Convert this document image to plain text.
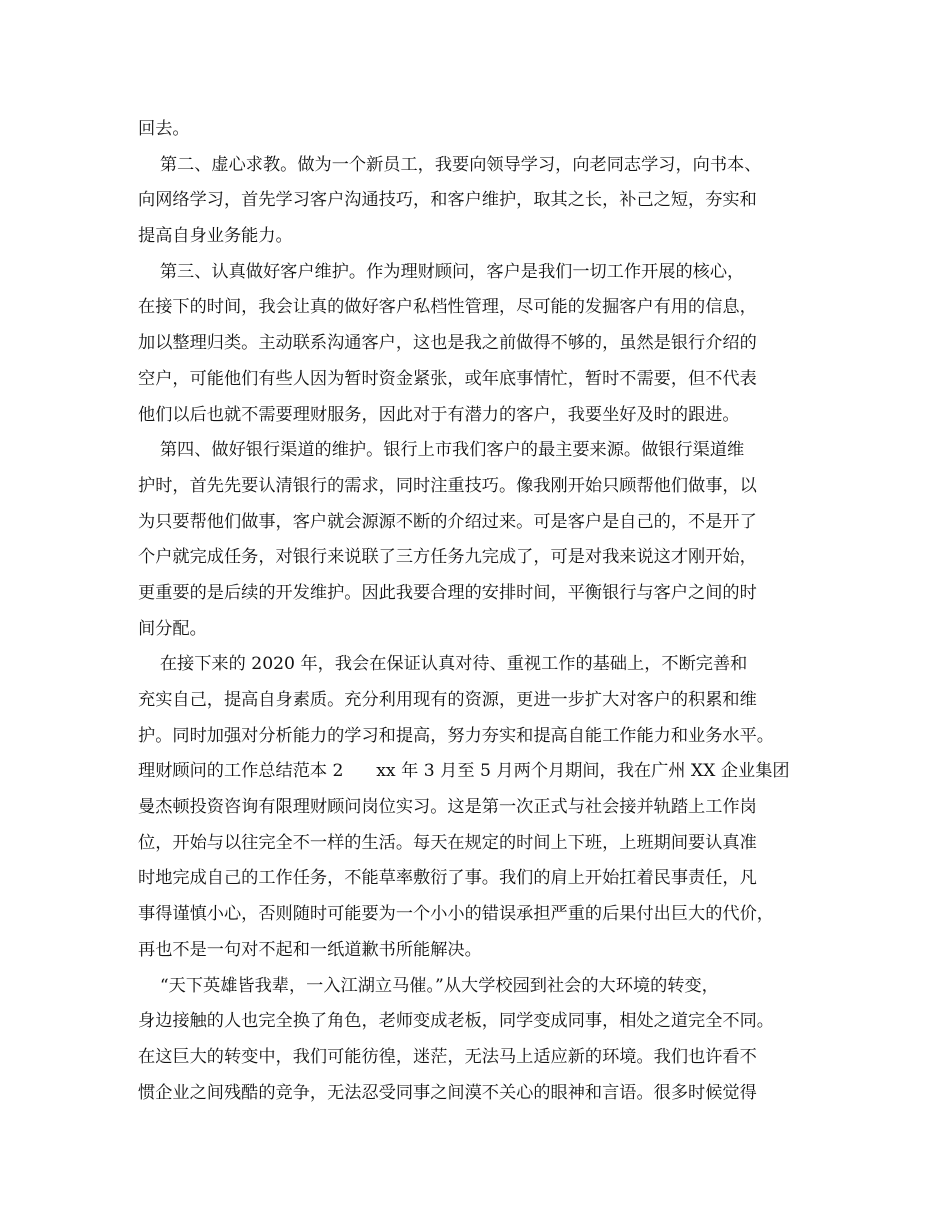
回去。
第二、虚心求教。做为一个新员工，我要向领导学习，向老同志学习，向书本、
向网络学习，首先学习客户沟通技巧，和客户维护，取其之长，补己之短，夯实和
提高自身业务能力。
第三、认真做好客户维护。作为理财顾问，客户是我们一切工作开展的核心，
在接下的时间，我会让真的做好客户私档性管理，尽可能的发掘客户有用的信息，
加以整理归类。主动联系沟通客户，这也是我之前做得不够的，虽然是银行介绍的
空户，可能他们有些人因为暂时资金紧张，或年底事情忙，暂时不需要，但不代表
他们以后也就不需要理财服务，因此对于有潜力的客户，我要坐好及时的跟进。
第四、做好银行渠道的维护。银行上市我们客户的最主要来源。做银行渠道维
护时，首先先要认清银行的需求，同时注重技巧。像我刚开始只顾帮他们做事，以
为只要帮他们做事，客户就会源源不断的介绍过来。可是客户是自己的，不是开了
个户就完成任务，对银行来说联了三方任务九完成了，可是对我来说这才刚开始，
更重要的是后续的开发维护。因此我要合理的安排时间，平衡银行与客户之间的时
间分配。
在接下来的 2020 年，我会在保证认真对待、重视工作的基础上，不断完善和
充实自己，提高自身素质。充分利用现有的资源，更进一步扩大对客户的积累和维
护。同时加强对分析能力的学习和提高，努力夯实和提高自能工作能力和业务水平。
理财顾问的工作总结范本 2      xx 年 3 月至 5 月两个月期间，我在广州 XX 企业集团
曼杰顿投资咨询有限理财顾问岗位实习。这是第一次正式与社会接并轨踏上工作岗
位，开始与以往完全不一样的生活。每天在规定的时间上下班，上班期间要认真准
时地完成自己的工作任务，不能草率敷衍了事。我们的肩上开始扛着民事责任，凡
事得谨慎小心，否则随时可能要为一个小小的错误承担严重的后果付出巨大的代价，
再也不是一句对不起和一纸道歉书所能解决。
“天下英雄皆我辈，一入江湖立马催。”从大学校园到社会的大环境的转变，
身边接触的人也完全换了角色，老师变成老板，同学变成同事，相处之道完全不同。
在这巨大的转变中，我们可能彷徨，迷茫，无法马上适应新的环境。我们也许看不
惯企业之间残酷的竞争，无法忍受同事之间漠不关心的眼神和言语。很多时候觉得
